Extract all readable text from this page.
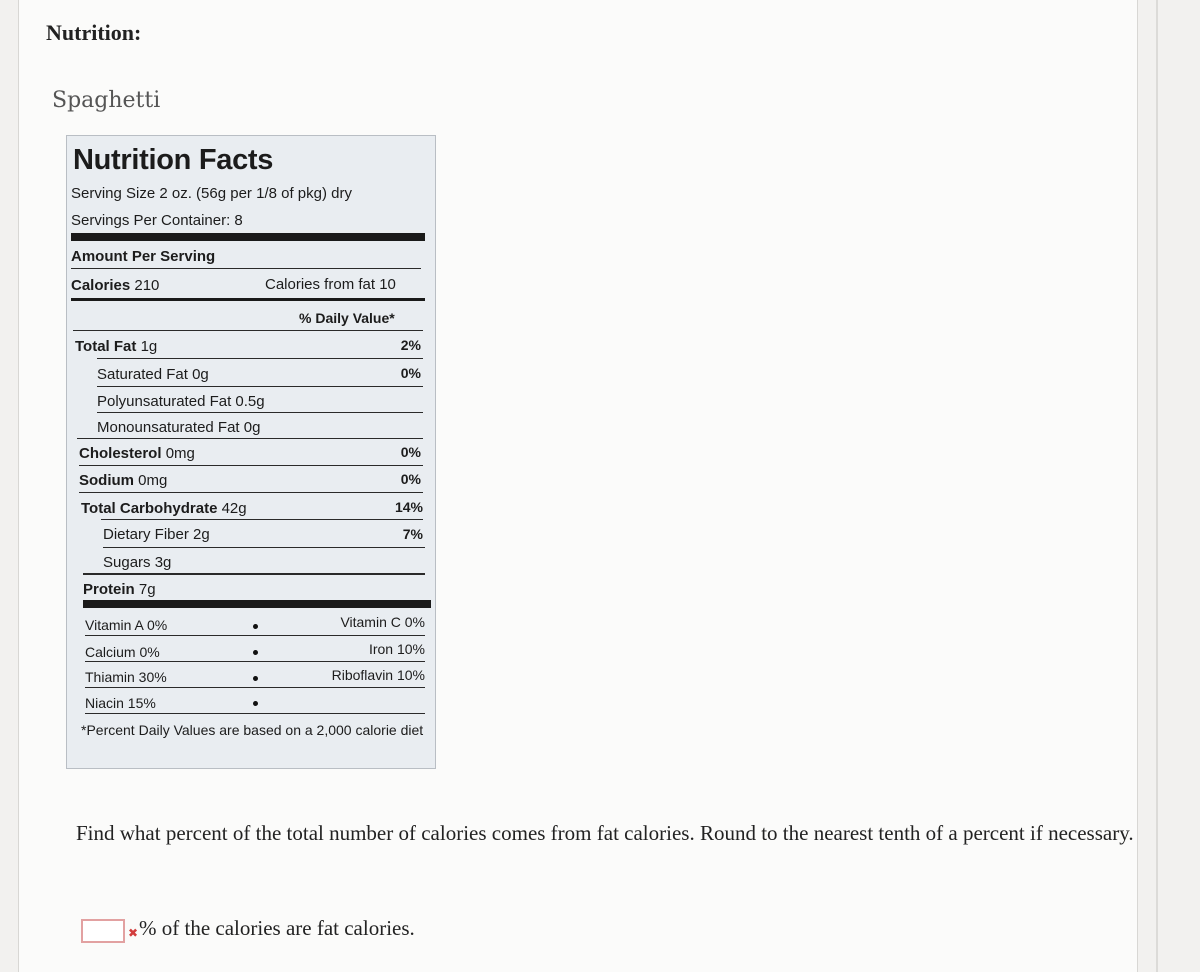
Nutrition:
Spaghetti
Nutrition Facts
Serving Size 2 oz. (56g per 1/8 of pkg) dry
Servings Per Container: 8
Amount Per Serving
Calories 210	Calories from fat 10
% Daily Value*
Total Fat 1g	2%
Saturated Fat 0g	0%
Polyunsaturated Fat 0.5g
Monounsaturated Fat 0g
Cholesterol 0mg	0%
Sodium 0mg	0%
Total Carbohydrate 42g	14%
Dietary Fiber 2g	7%
Sugars 3g
Protein 7g
Vitamin A 0%	Vitamin C 0%
Calcium 0%	Iron 10%
Thiamin 30%	Riboflavin 10%
Niacin 15%
*Percent Daily Values are based on a 2,000 calorie diet
Find what percent of the total number of calories comes from fat calories. Round to the nearest tenth of a percent if necessary.
✖ % of the calories are fat calories.
